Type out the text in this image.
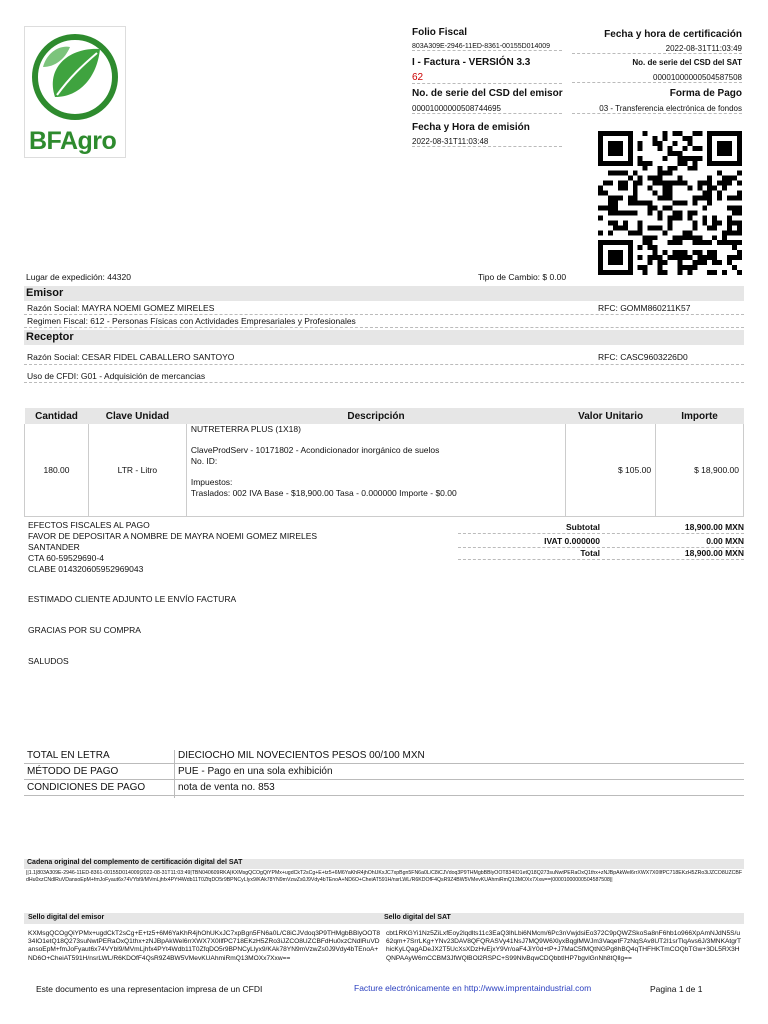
BFAgro
Folio Fiscal
803A309E-2946-11ED-8361-00155D014009
I - Factura - VERSIÓN 3.3
62
No. de serie del CSD del emisor
00001000000508744695
Fecha y Hora de emisión
2022-08-31T11:03:48
Fecha y hora de certificación
2022-08-31T11:03:49
No. de serie del CSD del SAT
00001000000504587508
Forma de Pago
03 - Transferencia electrónica de fondos
Lugar de expedición: 44320	Tipo de Cambio: $ 0.00
Emisor
Razón Social: MAYRA NOEMI GOMEZ MIRELES	RFC: GOMM860211K57
Regimen Fiscal: 612 - Personas Físicas con Actividades Empresariales y Profesionales
Receptor
Razón Social: CESAR FIDEL CABALLERO SANTOYO	RFC: CASC9603226D0
Uso de CFDI: G01 - Adquisición de mercancias
Cantidad	Clave Unidad	Descripción	Valor Unitario	Importe
180.00	LTR - Litro	NUTRETERRA PLUS (1X18)
ClaveProdServ - 10171802 - Acondicionador inorgánico de suelos
No. ID:
Impuestos:
Traslados: 002 IVA Base - $18,900.00 Tasa - 0.000000 Importe - $0.00	$ 105.00	$ 18,900.00
EFECTOS FISCALES AL PAGO
FAVOR DE DEPOSITAR A NOMBRE DE MAYRA NOEMI GOMEZ MIRELES
SANTANDER
CTA 60-59529690-4
CLABE 014320605952969043
ESTIMADO CLIENTE ADJUNTO LE ENVÍO FACTURA
GRACIAS POR SU COMPRA
SALUDOS
Subtotal	18,900.00 MXN
IVAT 0.000000	0.00 MXN
Total	18,900.00 MXN
TOTAL EN LETRA	DIECIOCHO MIL NOVECIENTOS PESOS 00/100 MXN
MÉTODO DE PAGO	PUE - Pago en una sola exhibición
CONDICIONES DE PAGO	nota de venta no. 853
Cadena original del complemento de certificación digital del SAT
||1.1|803A309E-2946-11ED-8361-00155D014009|2022-08-31T11:03:49|TBN040609RKA|KXMsgQCOgQiYPMx+ugdCkT2sCg+E+tz5+6M6YaKhR4jhOhUKxJC7xpBgn5FN6a0L/C8iCJVdoq3P9THMgbBBlyOOT834IO1etQ18Q273suNwtPERaOxQ1thx+zNJBpAkWel6rrXWX7X0IlfPC718EKzH5ZRo3iJZCO8UZCBFdHu0xzCNdlRuVDansoEpM+fmJoFyaut6x74VYbl9/MVmLjhfx4PYt4Wdb11T0ZfqDO5r9BPNCyLlyx9/KAk78YN9mVzwZs0J9Vdy4bTEnoA+ND6O+CheiAT591H/nsrLWL/R6KDOfF4QsR9Z4BW5VMevKUAhmiRmQ13MOXx7Xxw==|00001000000504587508||
Sello digital del emisor	Sello digital del SAT
KXMsgQCOgQiYPMx+ugdCkT2sCg+E+tz5+6M6YaKhR4jhOhUKxJC7xpBgn5FN6a0L/C8iCJVdoq3P9THMgbBBlyOOT834IO1etQ18Q273suNwtPERaOxQ1thx+zNJBpAkWel6rrXWX7X0IlfPC718EKzH5ZRo3iJZCO8UZCBFdHu0xzCNdlRuVDansoEpM+fmJoFyaut6x74VYbl9/MVmLjhfx4PYt4Wdb11T0ZfqDO5r9BPNCyLlyx9/KAk78YN9mVzwZs0J9Vdy4bTEnoA+ND6O+CheiAT591H/nsrLWL/R6KDOfF4QsR9Z4BW5VMevKUAhmiRmQ13MOXx7Xxw==
cbt1RKGYi1Nz5ZiLxfEoy2lqdlts11c3EaQ3lhLbi6NMcm/6Pc3nVwjdsiEo372C9pQWZSkoSa8nF6hb1o966XpAmNJdN5S/u62qm+7SrrLKg+YNv23DAV8QFQRASVy41NsJ7MQ9W6XlyxBqglMWJm3VaqetF7zNqSAv8UT2I1srTlqAvs6J/3MNKAtgrThicKyLQagADeJX2T5UcXsXDzHvEjxY9Vr/oaF4JiY0d+tP+J7MaC5fMQtNGPg8hBQ4qTHFHKTmCOQbTGw+3DL5RX3HQNPAAyW6mCCBM3JfWQlBOl2RSPC+S99NlvBqwCDQbbtIHP7bgvlGnNh8tQllg==
Este documento es una representacion impresa de un CFDI	Facture electrónicamente en http://www.imprentaindustrial.com	Pagina 1 de 1
